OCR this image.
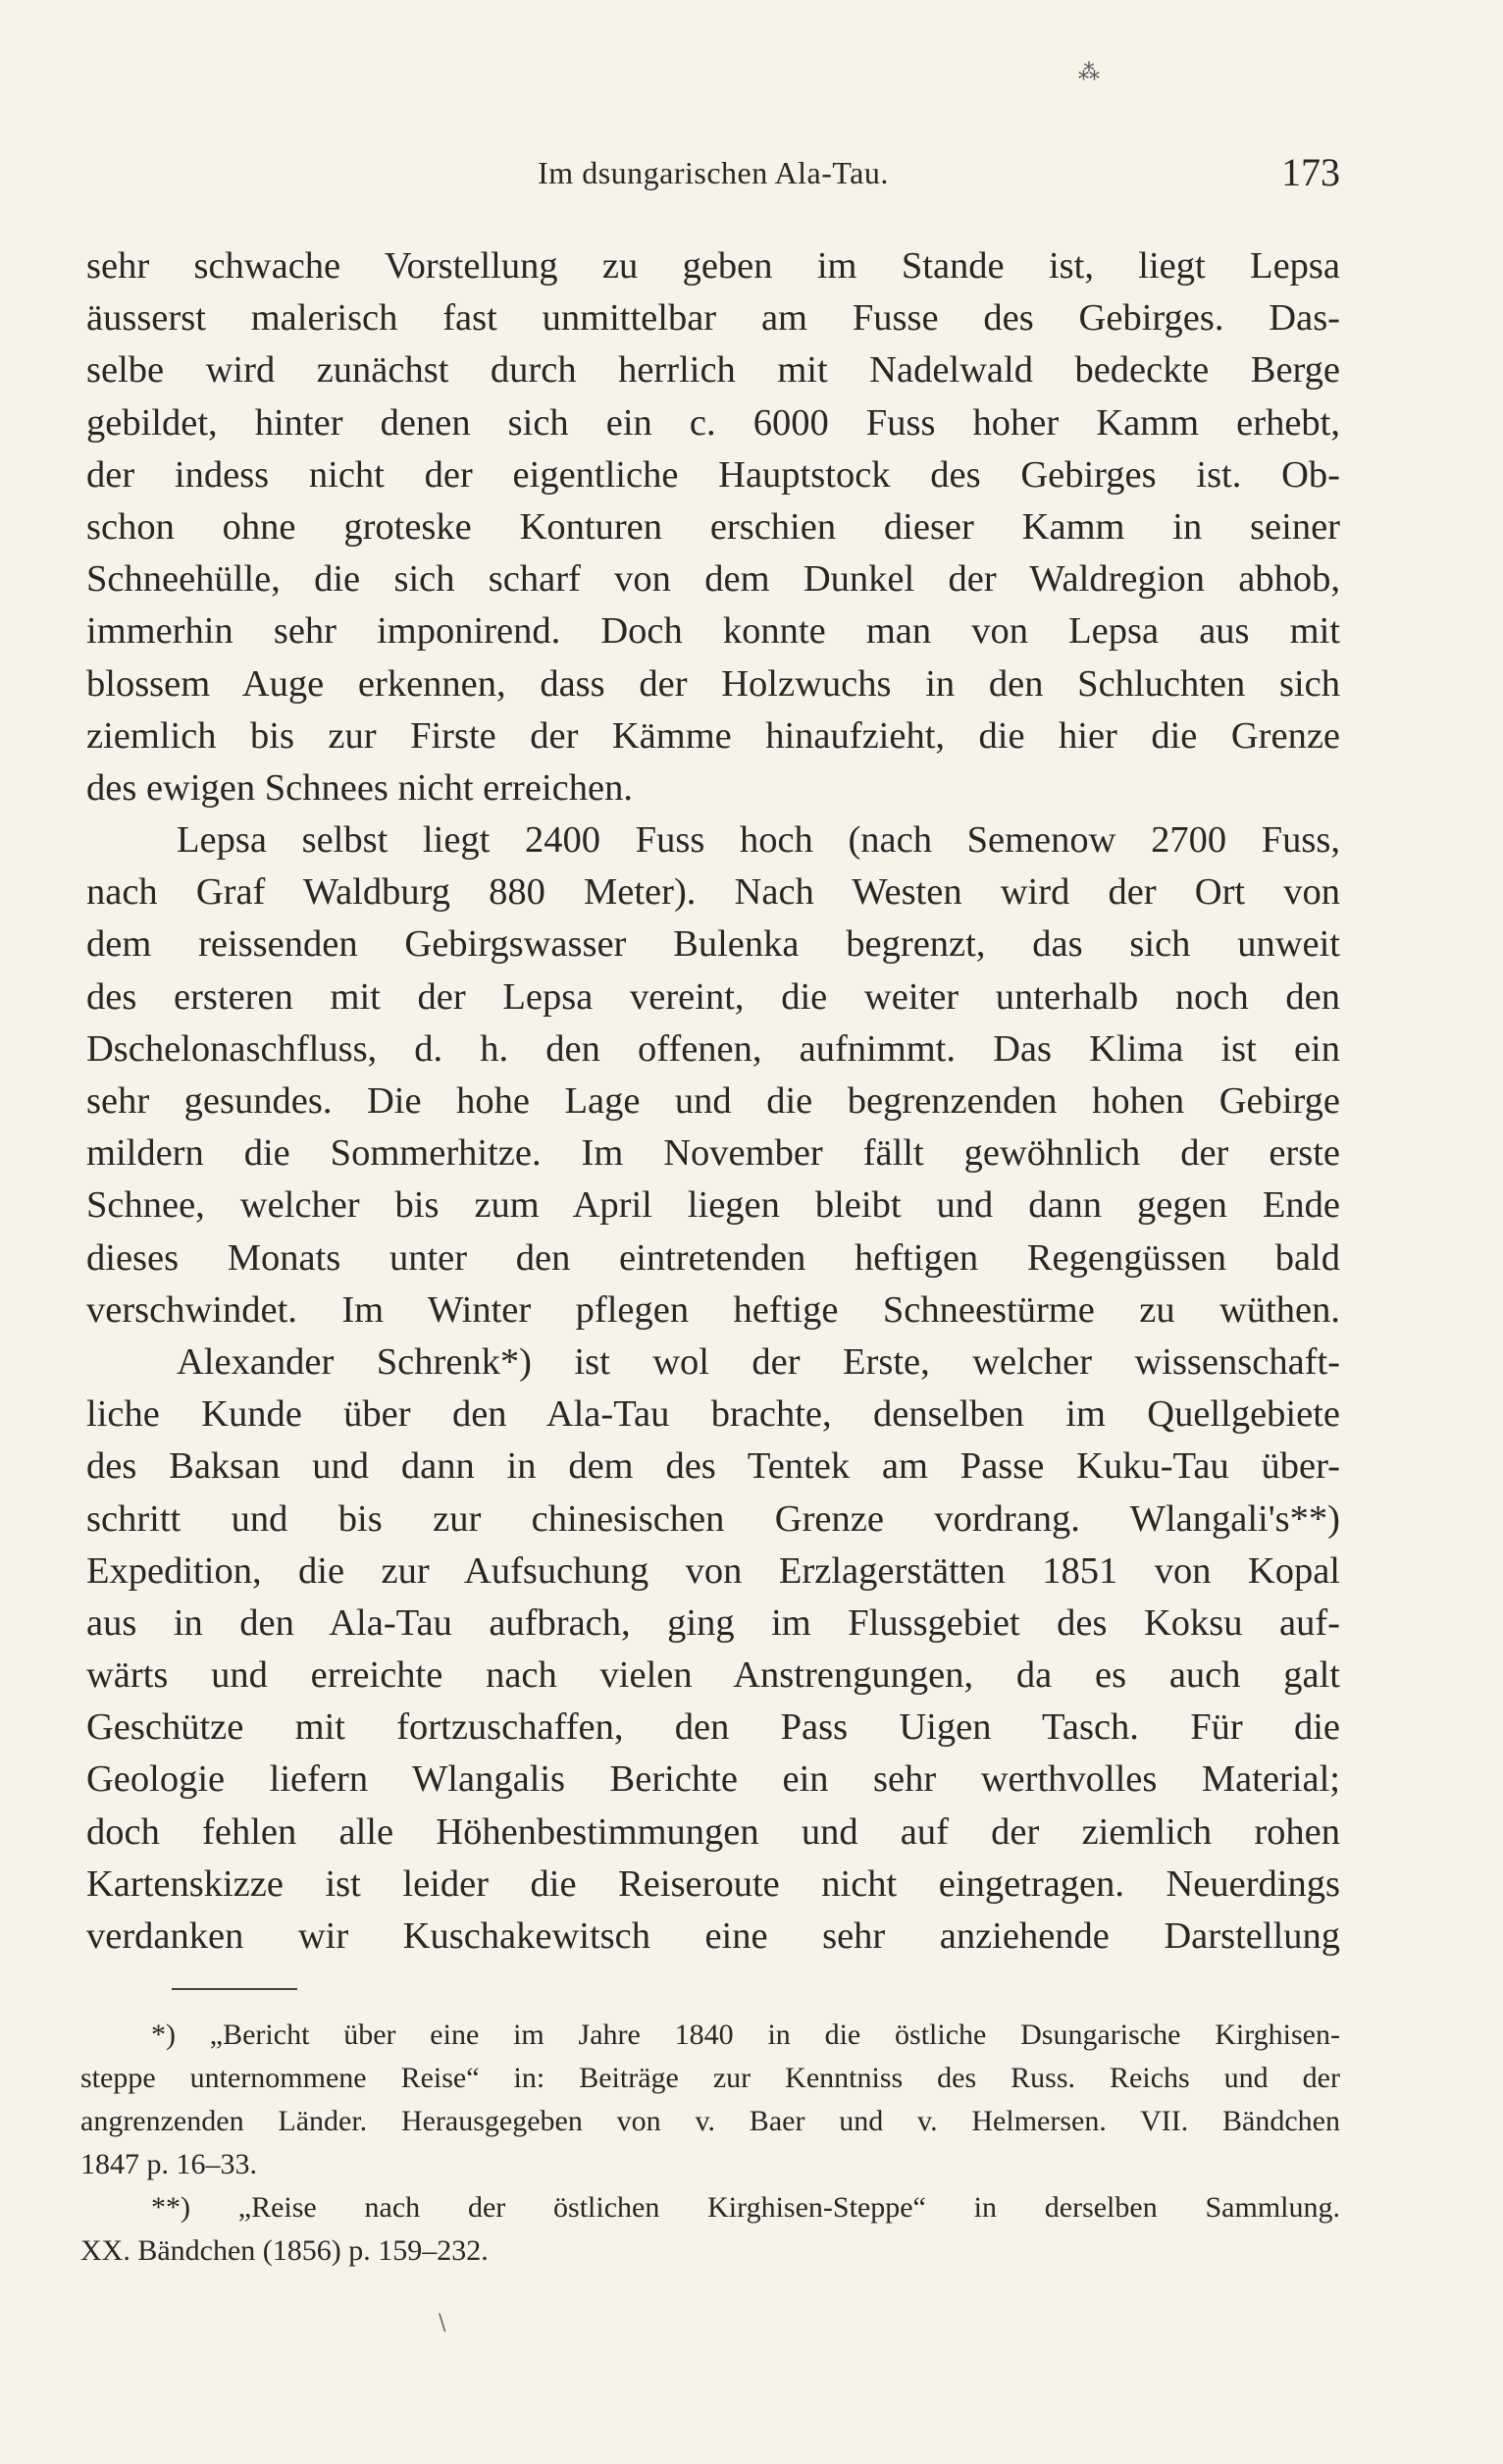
⁂
Im dsungarischen Ala-Tau.	173
sehr schwache Vorstellung zu geben im Stande ist, liegt Lepsa
äusserst malerisch fast unmittelbar am Fusse des Gebirges. Das-
selbe wird zunächst durch herrlich mit Nadelwald bedeckte Berge
gebildet, hinter denen sich ein c. 6000 Fuss hoher Kamm erhebt,
der indess nicht der eigentliche Hauptstock des Gebirges ist. Ob-
schon ohne groteske Konturen erschien dieser Kamm in seiner
Schneehülle, die sich scharf von dem Dunkel der Waldregion abhob,
immerhin sehr imponirend. Doch konnte man von Lepsa aus mit
blossem Auge erkennen, dass der Holzwuchs in den Schluchten sich
ziemlich bis zur Firste der Kämme hinaufzieht, die hier die Grenze
des ewigen Schnees nicht erreichen.
Lepsa selbst liegt 2400 Fuss hoch (nach Semenow 2700 Fuss,
nach Graf Waldburg 880 Meter). Nach Westen wird der Ort von
dem reissenden Gebirgswasser Bulenka begrenzt, das sich unweit
des ersteren mit der Lepsa vereint, die weiter unterhalb noch den
Dschelonaschfluss, d. h. den offenen, aufnimmt. Das Klima ist ein
sehr gesundes. Die hohe Lage und die begrenzenden hohen Gebirge
mildern die Sommerhitze. Im November fällt gewöhnlich der erste
Schnee, welcher bis zum April liegen bleibt und dann gegen Ende
dieses Monats unter den eintretenden heftigen Regengüssen bald
verschwindet. Im Winter pflegen heftige Schneestürme zu wüthen.
Alexander Schrenk*) ist wol der Erste, welcher wissenschaft-
liche Kunde über den Ala-Tau brachte, denselben im Quellgebiete
des Baksan und dann in dem des Tentek am Passe Kuku-Tau über-
schritt und bis zur chinesischen Grenze vordrang. Wlangali's**)
Expedition, die zur Aufsuchung von Erzlagerstätten 1851 von Kopal
aus in den Ala-Tau aufbrach, ging im Flussgebiet des Koksu auf-
wärts und erreichte nach vielen Anstrengungen, da es auch galt
Geschütze mit fortzuschaffen, den Pass Uigen Tasch. Für die
Geologie liefern Wlangalis Berichte ein sehr werthvolles Material;
doch fehlen alle Höhenbestimmungen und auf der ziemlich rohen
Kartenskizze ist leider die Reiseroute nicht eingetragen. Neuerdings
verdanken wir Kuschakewitsch eine sehr anziehende Darstellung
*) „Bericht über eine im Jahre 1840 in die östliche Dsungarische Kirghisen-
steppe unternommene Reise“ in: Beiträge zur Kenntniss des Russ. Reichs und der
angrenzenden Länder. Herausgegeben von v. Baer und v. Helmersen. VII. Bändchen
1847 p. 16–33.
**) „Reise nach der östlichen Kirghisen-Steppe“ in derselben Sammlung.
XX. Bändchen (1856) p. 159–232.
\
